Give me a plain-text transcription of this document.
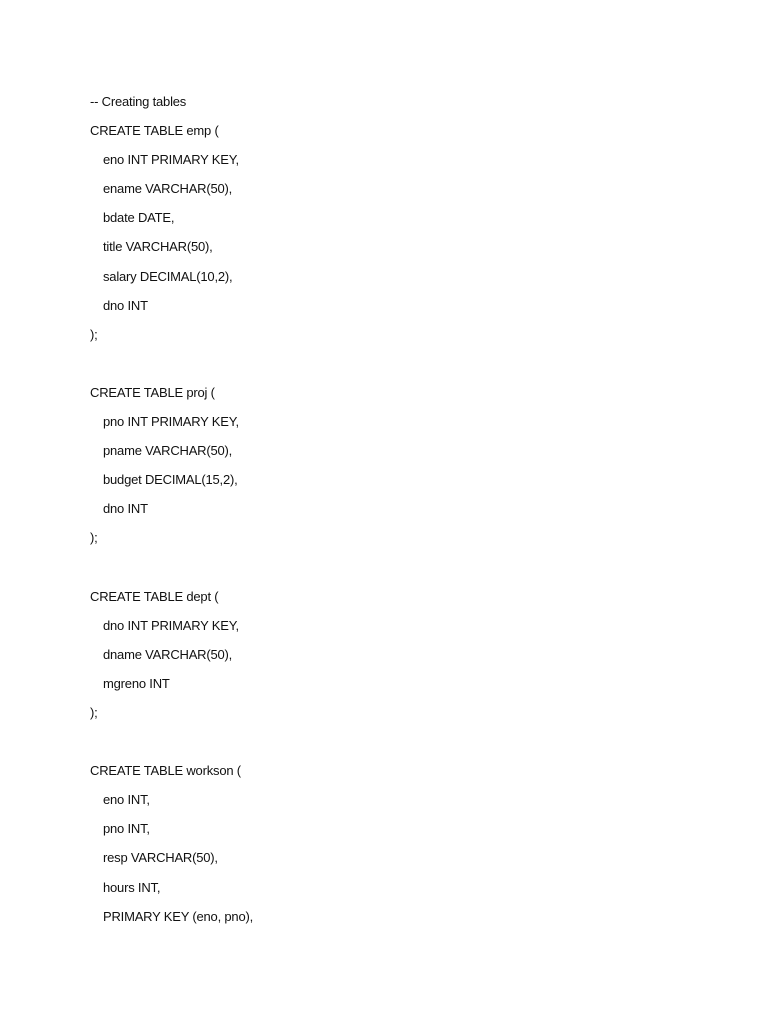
-- Creating tables
CREATE TABLE emp (
eno INT PRIMARY KEY,
ename VARCHAR(50),
bdate DATE,
title VARCHAR(50),
salary DECIMAL(10,2),
dno INT
);
CREATE TABLE proj (
pno INT PRIMARY KEY,
pname VARCHAR(50),
budget DECIMAL(15,2),
dno INT
);
CREATE TABLE dept (
dno INT PRIMARY KEY,
dname VARCHAR(50),
mgreno INT
);
CREATE TABLE workson (
eno INT,
pno INT,
resp VARCHAR(50),
hours INT,
PRIMARY KEY (eno, pno),
